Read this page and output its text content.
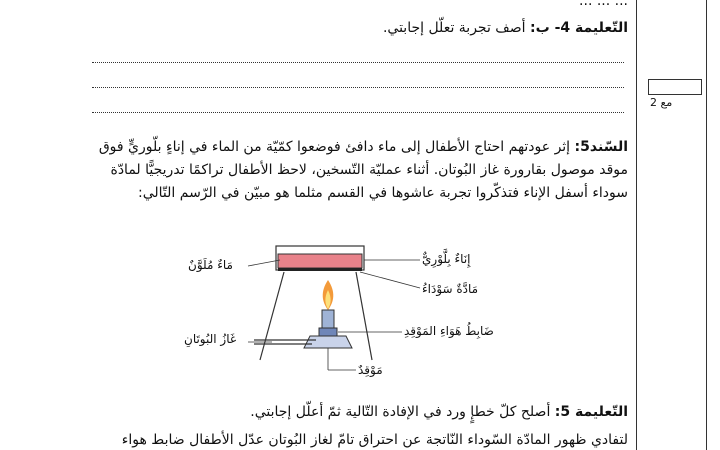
... ... ...
التّعليمة 4- ب: أصف تجربة تعلّل إجابتي.
مع 2
السّند5: إثر عودتهم احتاج الأطفال إلى ماء دافئ فوضعوا كمّيّة من الماء في إناءٍ بلّوريٍّ فوق
موقد موصول بقارورة غاز البُوتان. أثناء عمليّة التّسخين، لاحظ الأطفال تراكمًا تدريجيًّا لمادّة
سوداء أسفل الإناء فتذكّروا تجربة عاشوها في القسم مثلما هو مبيّن في الرّسم التّالي:
مَاءٌ مُلَوَّنٌ	إِنَاءٌ بِلَّوْرِيٌّ
مَادَّةٌ سَوْدَاءُ
ضَابِطُ هَوَاءِ المَوْقِدِ
غَازُ البُوتَانِ
مَوْقِدٌ
التّعليمة 5: أصلح كلّ خطإٍ ورد في الإفادة التّالية ثمّ أعلّل إجابتي.
لتفادي ظهور المادّة السّوداء النّاتجة عن احتراق تامّ لغاز البُوتان عدّل الأطفال ضابط هواء
